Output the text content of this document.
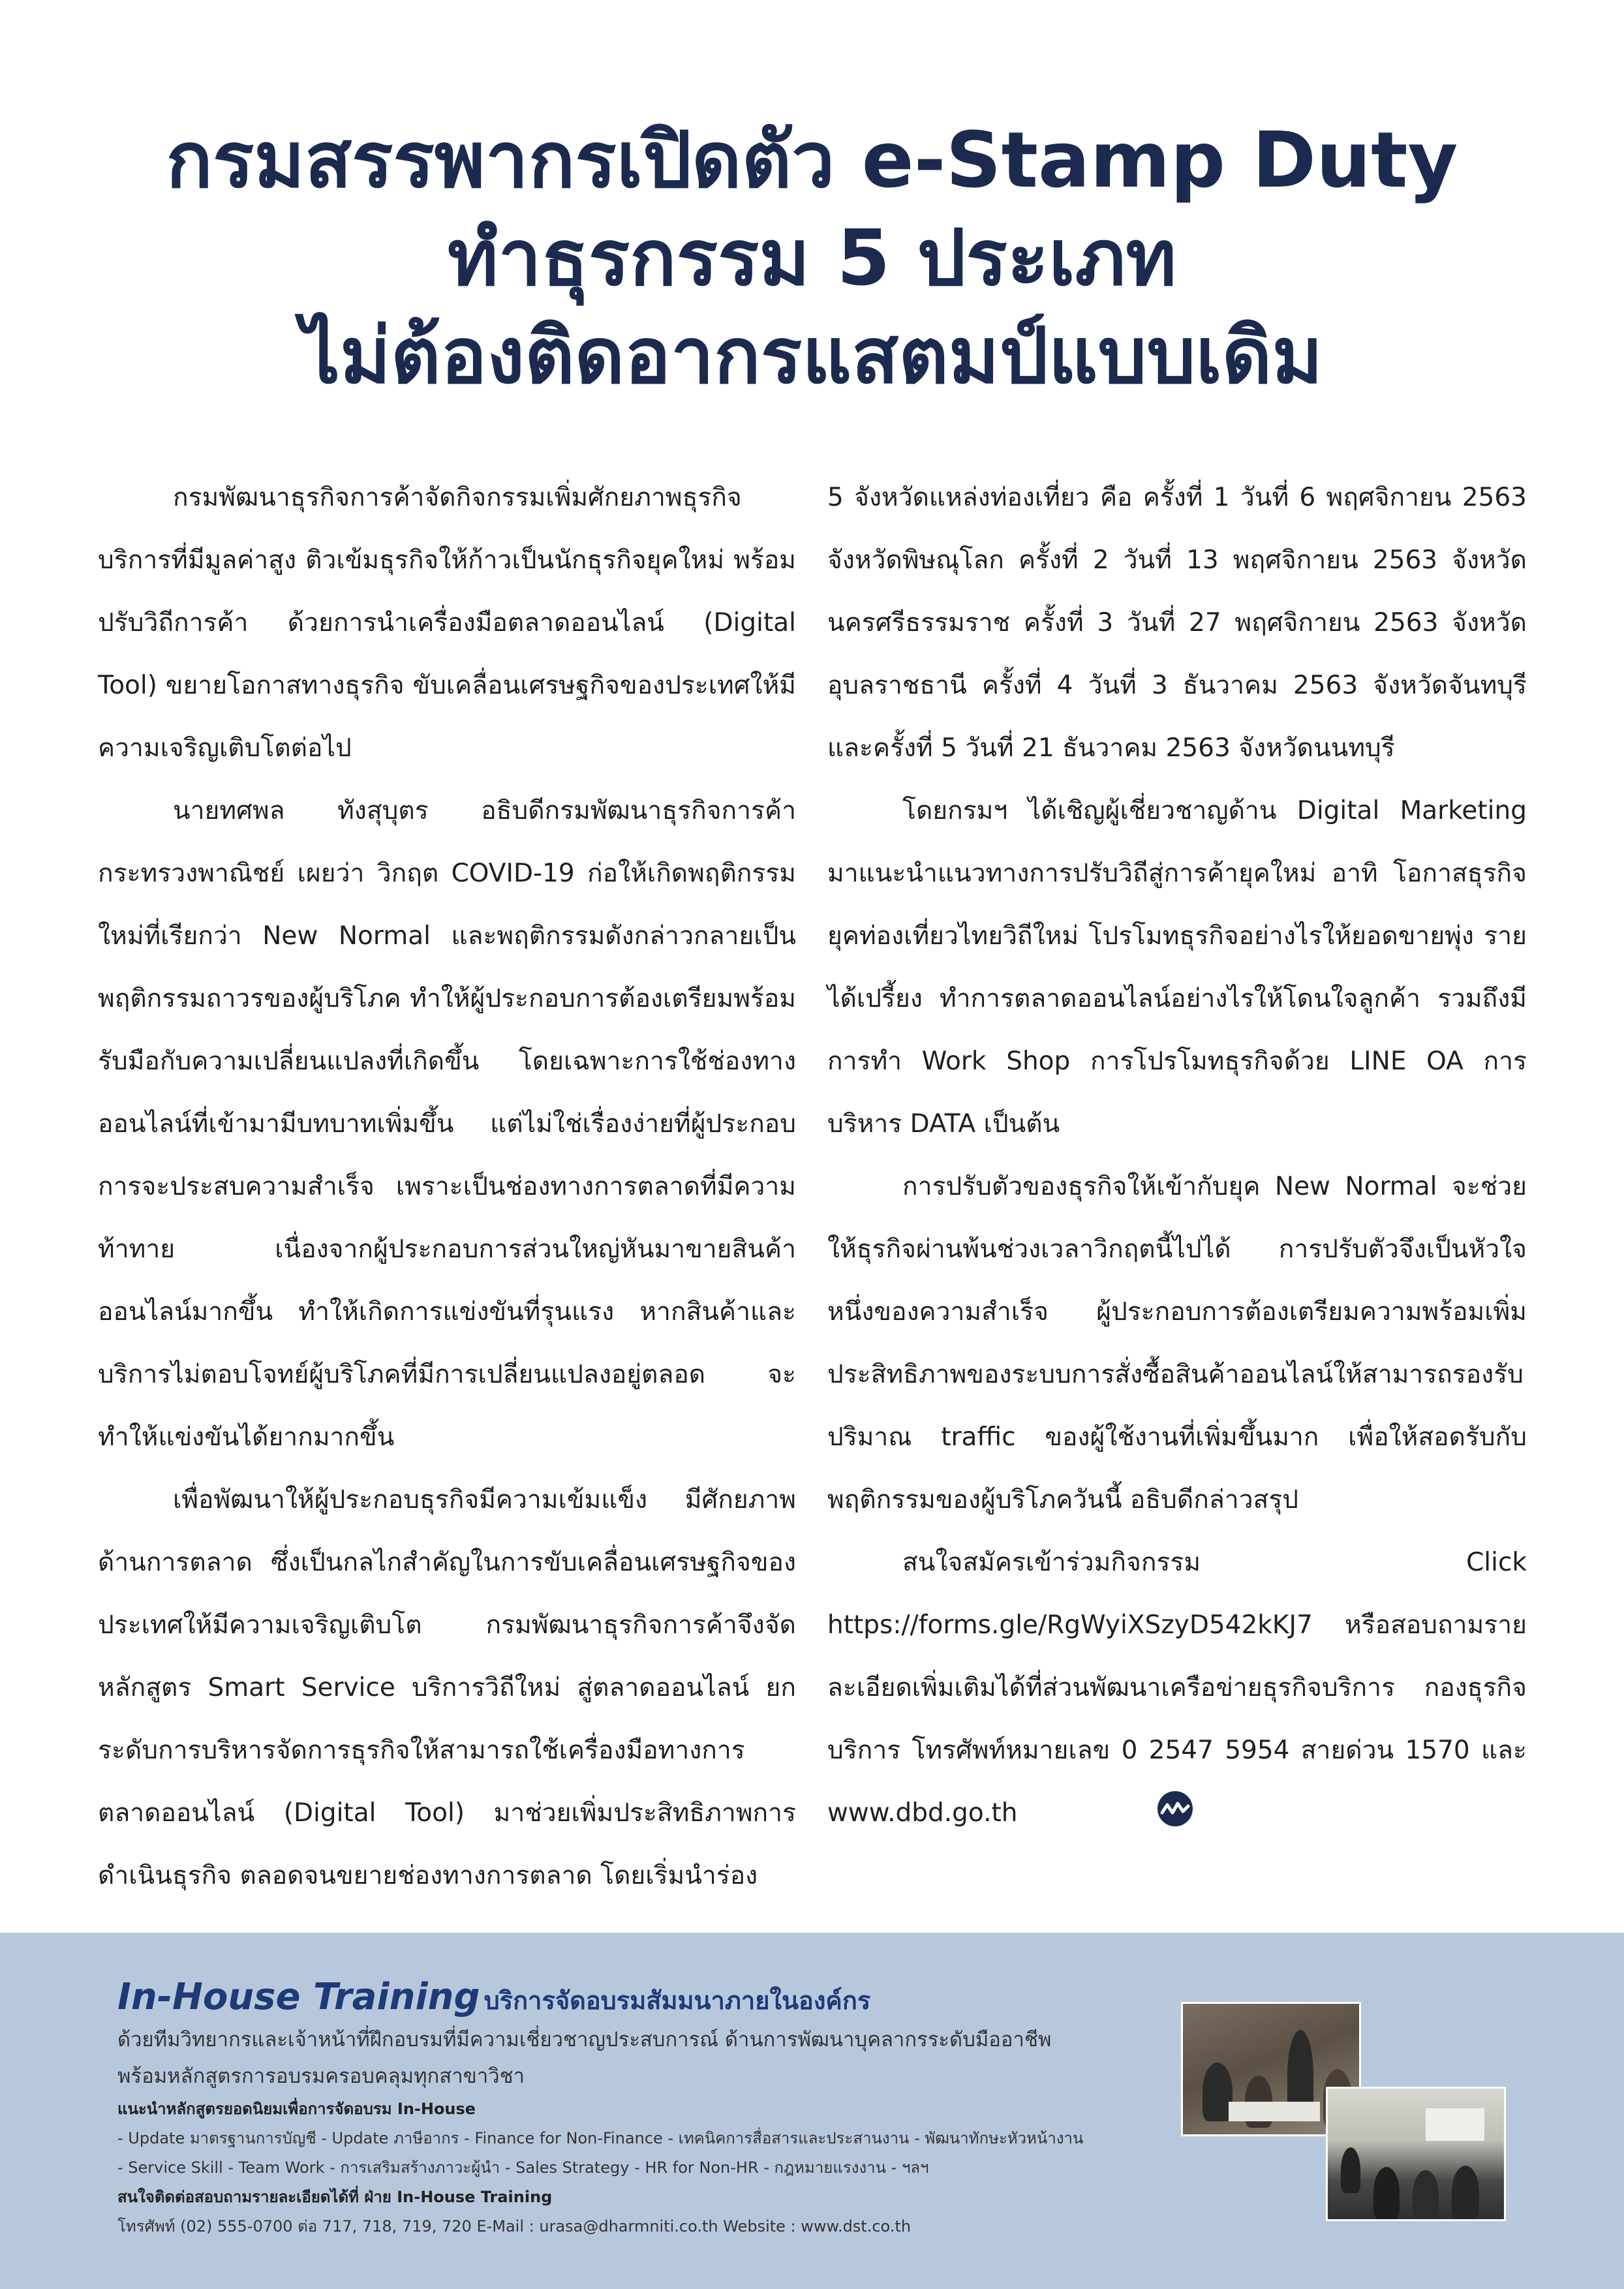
กรมสรรพากรเปิดตัว e-Stamp Duty
ทำธุรกรรม 5 ประเภท
ไม่ต้องติดอากรแสตมป์แบบเดิม

กรมพัฒนาธุรกิจการค้าจัดกิจกรรมเพิ่มศักยภาพธุรกิจบริการที่มีมูลค่าสูง ติวเข้มธุรกิจให้ก้าวเป็นนักธุรกิจยุคใหม่ พร้อมปรับวิถีการค้า ด้วยการนำเครื่องมือตลาดออนไลน์ (Digital Tool) ขยายโอกาสทางธุรกิจ ขับเคลื่อนเศรษฐกิจของประเทศให้มีความเจริญเติบโตต่อไป

นายทศพล ทังสุบุตร อธิบดีกรมพัฒนาธุรกิจการค้า กระทรวงพาณิชย์ เผยว่า วิกฤต COVID-19 ก่อให้เกิดพฤติกรรมใหม่ที่เรียกว่า New Normal และพฤติกรรมดังกล่าวกลายเป็นพฤติกรรมถาวรของผู้บริโภค ทำให้ผู้ประกอบการต้องเตรียมพร้อมรับมือกับความเปลี่ยนแปลงที่เกิดขึ้น โดยเฉพาะการใช้ช่องทางออนไลน์ที่เข้ามามีบทบาทเพิ่มขึ้น แต่ไม่ใช่เรื่องง่ายที่ผู้ประกอบการจะประสบความสำเร็จ เพราะเป็นช่องทางการตลาดที่มีความท้าทาย เนื่องจากผู้ประกอบการส่วนใหญ่หันมาขายสินค้าออนไลน์มากขึ้น ทำให้เกิดการแข่งขันที่รุนแรง หากสินค้าและบริการไม่ตอบโจทย์ผู้บริโภคที่มีการเปลี่ยนแปลงอยู่ตลอด จะทำให้แข่งขันได้ยากมากขึ้น

เพื่อพัฒนาให้ผู้ประกอบธุรกิจมีความเข้มแข็ง มีศักยภาพด้านการตลาด ซึ่งเป็นกลไกสำคัญในการขับเคลื่อนเศรษฐกิจของประเทศให้มีความเจริญเติบโต กรมพัฒนาธุรกิจการค้าจึงจัดหลักสูตร Smart Service บริการวิถีใหม่ สู่ตลาดออนไลน์ ยกระดับการบริหารจัดการธุรกิจให้สามารถใช้เครื่องมือทางการตลาดออนไลน์ (Digital Tool) มาช่วยเพิ่มประสิทธิภาพการดำเนินธุรกิจ ตลอดจนขยายช่องทางการตลาด โดยเริ่มนำร่อง

5 จังหวัดแหล่งท่องเที่ยว คือ ครั้งที่ 1 วันที่ 6 พฤศจิกายน 2563 จังหวัดพิษณุโลก ครั้งที่ 2 วันที่ 13 พฤศจิกายน 2563 จังหวัดนครศรีธรรมราช ครั้งที่ 3 วันที่ 27 พฤศจิกายน 2563 จังหวัดอุบลราชธานี ครั้งที่ 4 วันที่ 3 ธันวาคม 2563 จังหวัดจันทบุรี และครั้งที่ 5 วันที่ 21 ธันวาคม 2563 จังหวัดนนทบุรี

โดยกรมฯ ได้เชิญผู้เชี่ยวชาญด้าน Digital Marketing มาแนะนำแนวทางการปรับวิถีสู่การค้ายุคใหม่ อาทิ โอกาสธุรกิจยุคท่องเที่ยวไทยวิถีใหม่ โปรโมทธุรกิจอย่างไรให้ยอดขายพุ่ง รายได้เปรี้ยง ทำการตลาดออนไลน์อย่างไรให้โดนใจลูกค้า รวมถึงมีการทำ Work Shop การโปรโมทธุรกิจด้วย LINE OA การบริหาร DATA เป็นต้น

การปรับตัวของธุรกิจให้เข้ากับยุค New Normal จะช่วยให้ธุรกิจผ่านพ้นช่วงเวลาวิกฤตนี้ไปได้ การปรับตัวจึงเป็นหัวใจหนึ่งของความสำเร็จ ผู้ประกอบการต้องเตรียมความพร้อมเพิ่มประสิทธิภาพของระบบการสั่งซื้อสินค้าออนไลน์ให้สามารถรองรับปริมาณ traffic ของผู้ใช้งานที่เพิ่มขึ้นมาก เพื่อให้สอดรับกับพฤติกรรมของผู้บริโภควันนี้ อธิบดีกล่าวสรุป

สนใจสมัครเข้าร่วมกิจกรรม Click https://forms.gle/RgWyiXSzyD542kKJ7 หรือสอบถามรายละเอียดเพิ่มเติมได้ที่ส่วนพัฒนาเครือข่ายธุรกิจบริการ กองธุรกิจบริการ โทรศัพท์หมายเลข 0 2547 5954 สายด่วน 1570 และ www.dbd.go.th

In-House Training บริการจัดอบรมสัมมนาภายในองค์กร
ด้วยทีมวิทยากรและเจ้าหน้าที่ฝึกอบรมที่มีความเชี่ยวชาญประสบการณ์ ด้านการพัฒนาบุคลากรระดับมืออาชีพ
พร้อมหลักสูตรการอบรมครอบคลุมทุกสาขาวิชา
แนะนำหลักสูตรยอดนิยมเพื่อการจัดอบรม In-House
- Update มาตรฐานการบัญชี - Update ภาษีอากร - Finance for Non-Finance - เทคนิคการสื่อสารและประสานงาน - พัฒนาทักษะหัวหน้างาน
- Service Skill - Team Work - การเสริมสร้างภาวะผู้นำ - Sales Strategy - HR for Non-HR - กฎหมายแรงงาน - ฯลฯ
สนใจติดต่อสอบถามรายละเอียดได้ที่ ฝ่าย In-House Training
โทรศัพท์ (02) 555-0700 ต่อ 717, 718, 719, 720 E-Mail : urasa@dharmniti.co.th Website : www.dst.co.th
